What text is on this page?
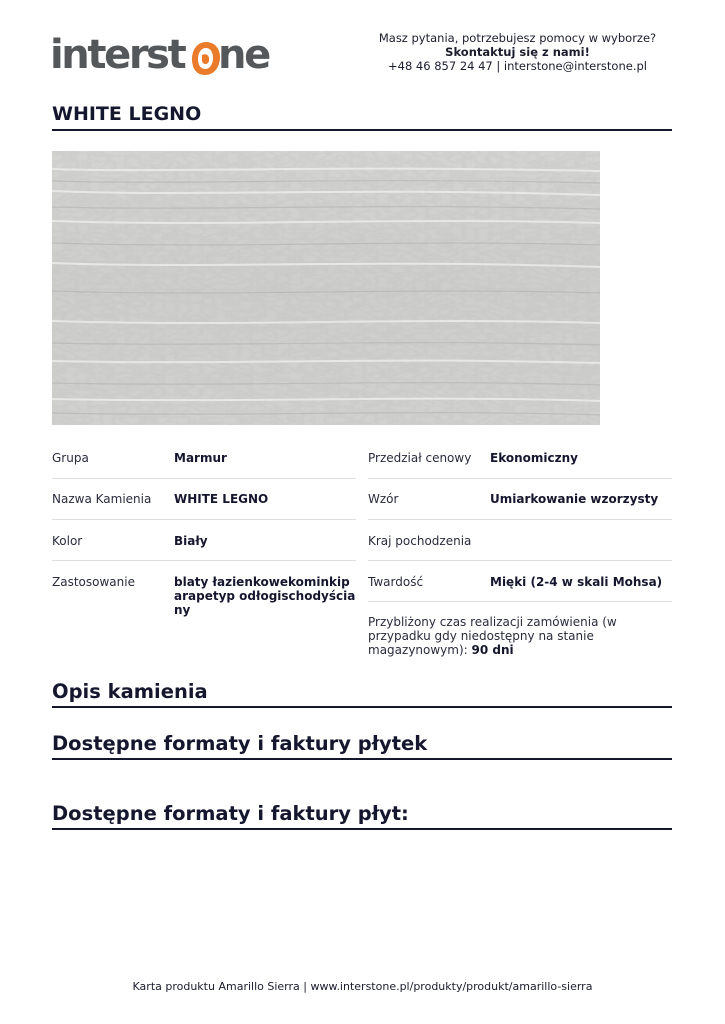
interst ne	Masz pytania, potrzebujesz pomocy w wyborze?
Skontaktuj się z nami!
+48 46 857 24 47 | interstone@interstone.pl
WHITE LEGNO
Grupa	Marmur
Nazwa Kamienia	WHITE LEGNO
Kolor	Biały
Zastosowanie	blaty łazienkowekominkiparapetyp odłogischodyściany
Przedział cenowy	Ekonomiczny
Wzór	Umiarkowanie wzorzysty
Kraj pochodzenia
Twardość	Miękі (2-4 w skali Mohsa)
Przybliżony czas realizacji zamówienia (w przypadku gdy niedostępny na stanie magazynowym): 90 dni
Opis kamienia
Dostępne formaty i faktury płytek
Dostępne formaty i faktury płyt:
Karta produktu Amarillo Sierra | www.interstone.pl/produkty/produkt/amarillo-sierra
